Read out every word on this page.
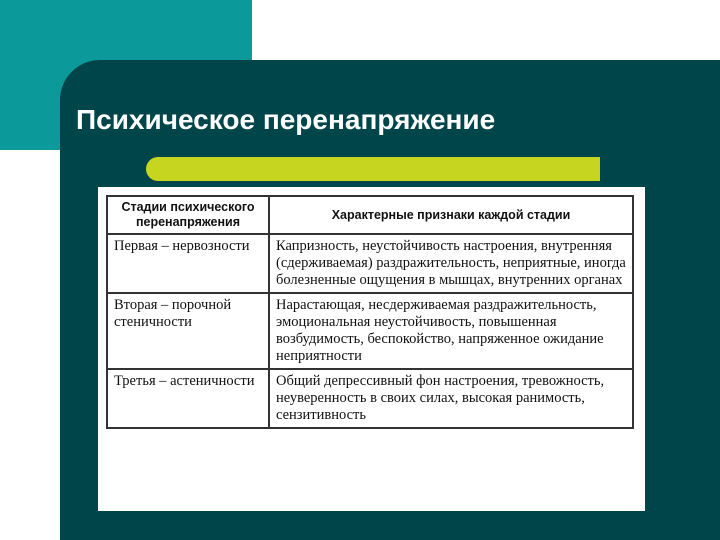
Психическое перенапряжение
Стадии психического перенапряжения	Характерные признаки каждой стадии
Первая – нервозности	Капризность, неустойчивость настроения, внутренняя (сдерживаемая) раздражительность, неприятные, иногда болезненные ощущения в мышцах, внутренних органах
Вторая – порочной стеничности	Нарастающая, несдерживаемая раздражительность, эмоциональная неустойчивость, повышенная возбудимость, беспокойство, напряженное ожидание неприятности
Третья – астеничности	Общий депрессивный фон настроения, тревожность, неуверенность в своих силах, высокая ранимость, сензитивность
